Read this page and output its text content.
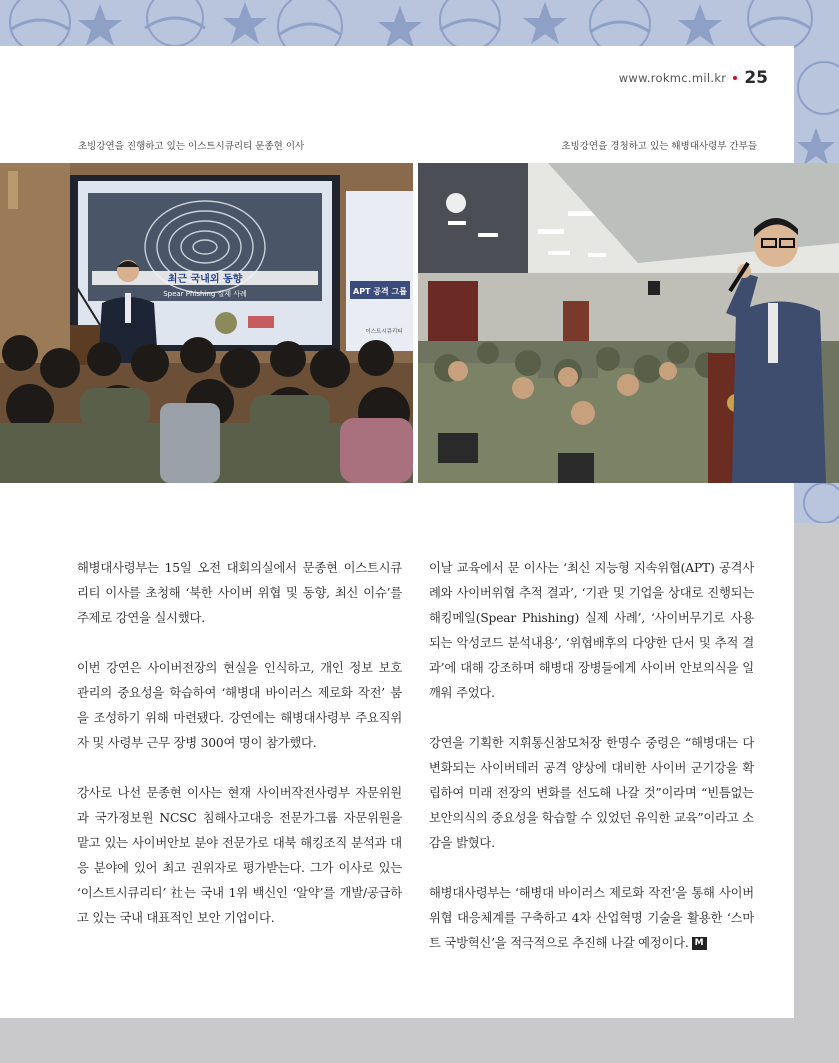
www.rokmc.mil.kr 25
초빙강연을 진행하고 있는 이스트시큐리티 문종현 이사	초빙강연을 경청하고 있는 해병대사령부 간부들
최근 국내외 동향
Spear Phishing 실제 사례	APT 공격 그룹
이스트시큐리티

해병대사령부는 15일 오전 대회의실에서 문종현 이스트시큐리티 이사를 초청해 ‘북한 사이버 위협 및 동향, 최신 이슈’를 주제로 강연을 실시했다.

이번 강연은 사이버전장의 현실을 인식하고, 개인 정보 보호 관리의 중요성을 학습하여 ‘해병대 바이러스 제로화 작전’ 붐을 조성하기 위해 마련됐다. 강연에는 해병대사령부 주요직위자 및 사령부 근무 장병 300여 명이 참가했다.

강사로 나선 문종현 이사는 현재 사이버작전사령부 자문위원과 국가정보원 NCSC 침해사고대응 전문가그룹 자문위원을 맡고 있는 사이버안보 분야 전문가로 대북 해킹조직 분석과 대응 분야에 있어 최고 권위자로 평가받는다. 그가 이사로 있는 ‘이스트시큐리티’ 社는 국내 1위 백신인 ‘알약’를 개발/공급하고 있는 국내 대표적인 보안 기업이다.

이날 교육에서 문 이사는 ‘최신 지능형 지속위협(APT) 공격사례와 사이버위협 추적 결과’, ‘기관 및 기업을 상대로 진행되는 해킹메일(Spear Phishing) 실제 사례’, ‘사이버무기로 사용되는 악성코드 분석내용’, ‘위협배후의 다양한 단서 및 추적 결과’에 대해 강조하며 해병대 장병들에게 사이버 안보의식을 일깨워 주었다.

강연을 기획한 지휘통신참모처장 한명수 중령은 “해병대는 다변화되는 사이버테러 공격 양상에 대비한 사이버 군기강을 확립하여 미래 전장의 변화를 선도해 나갈 것”이라며 “빈틈없는 보안의식의 중요성을 학습할 수 있었던 유익한 교육”이라고 소감을 밝혔다.

해병대사령부는 ‘해병대 바이러스 제로화 작전’을 통해 사이버위협 대응체계를 구축하고 4차 산업혁명 기술을 활용한 ‘스마트 국방혁신’을 적극적으로 추진해 나갈 예정이다. M
